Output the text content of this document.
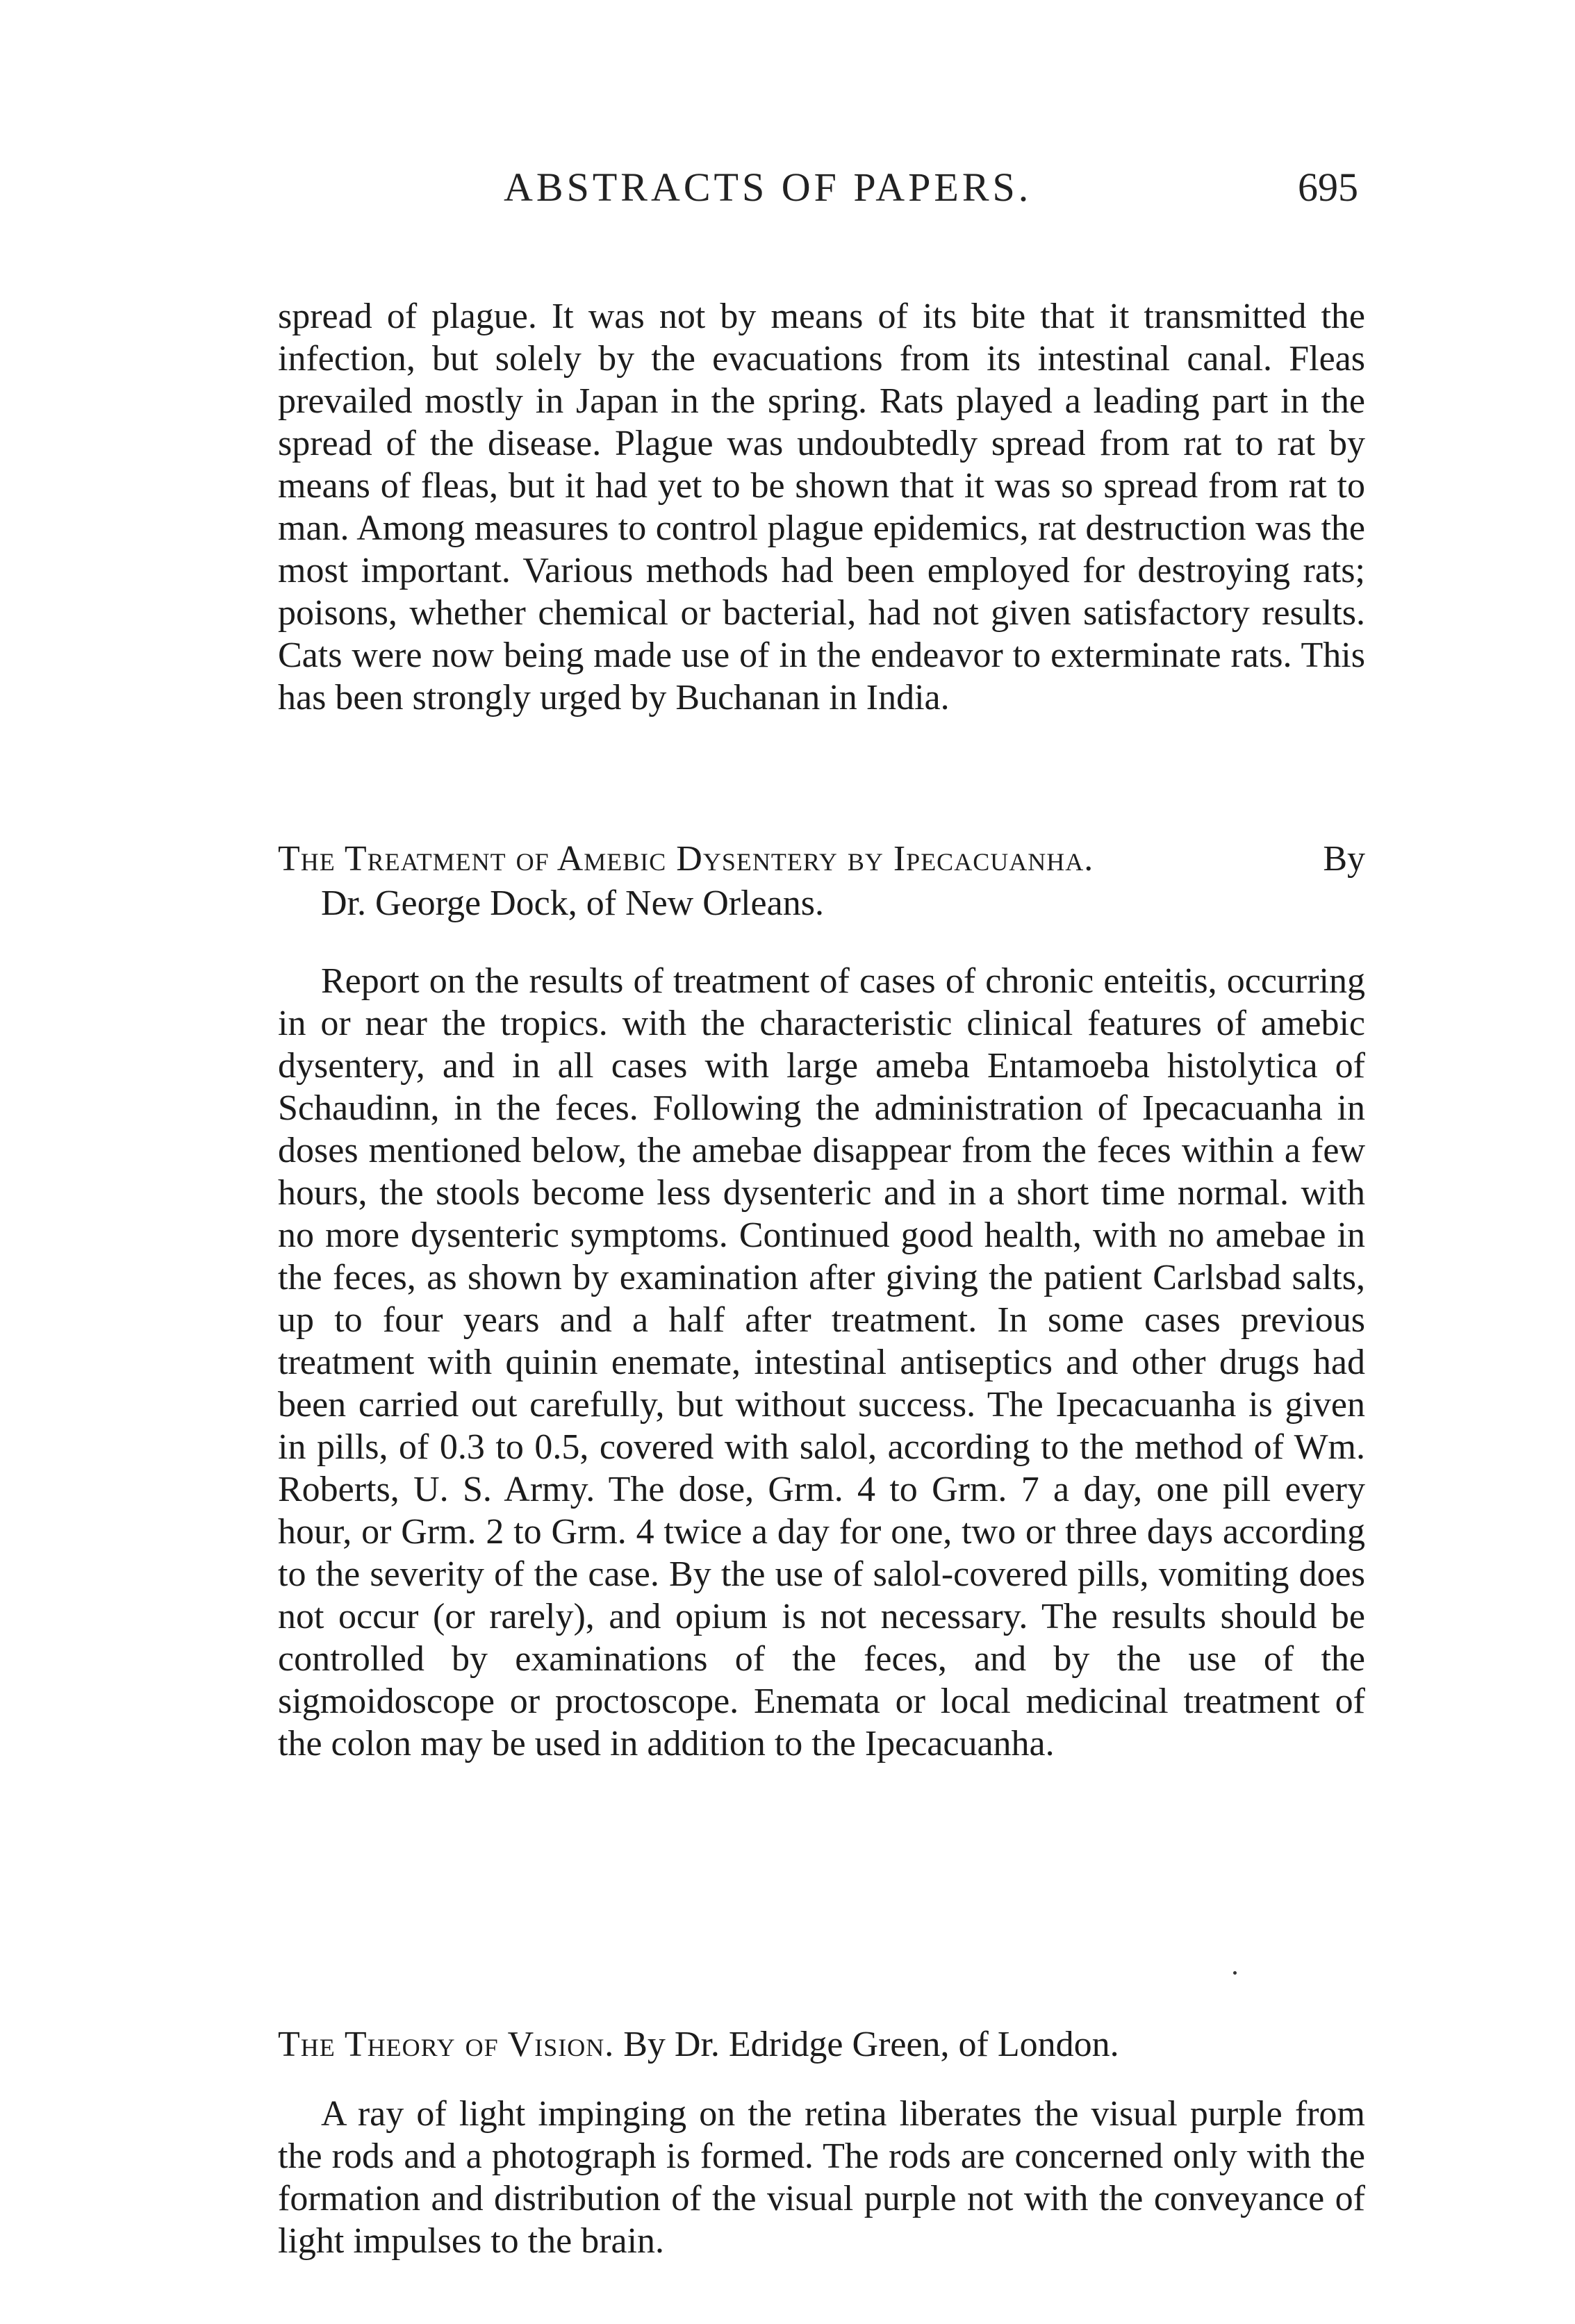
ABSTRACTS OF PAPERS.	695

spread of plague. It was not by means of its bite that it transmitted the infection, but solely by the evacuations from its intestinal canal. Fleas prevailed mostly in Japan in the spring. Rats played a leading part in the spread of the disease. Plague was undoubtedly spread from rat to rat by means of fleas, but it had yet to be shown that it was so spread from rat to man. Among measures to control plague epidemics, rat destruction was the most important. Various methods had been employed for destroying rats; poisons, whether chemical or bacterial, had not given satisfactory results. Cats were now being made use of in the endeavor to exterminate rats. This has been strongly urged by Buchanan in India.

The Treatment of Amebic Dysentery by Ipecacuanha.	By
Dr. George Dock, of New Orleans.

Report on the results of treatment of cases of chronic enteitis, occurring in or near the tropics. with the characteristic clinical features of amebic dysentery, and in all cases with large ameba Entamoeba histolytica of Schaudinn, in the feces. Following the administration of Ipecacuanha in doses mentioned below, the amebae disappear from the feces within a few hours, the stools become less dysenteric and in a short time normal. with no more dysenteric symptoms. Continued good health, with no amebae in the feces, as shown by examination after giving the patient Carlsbad salts, up to four years and a half after treatment. In some cases previous treatment with quinin enemate, intestinal antiseptics and other drugs had been carried out carefully, but without success. The Ipecacuanha is given in pills, of 0.3 to 0.5, covered with salol, according to the method of Wm. Roberts, U. S. Army. The dose, Grm. 4 to Grm. 7 a day, one pill every hour, or Grm. 2 to Grm. 4 twice a day for one, two or three days according to the severity of the case. By the use of salol-covered pills, vomiting does not occur (or rarely), and opium is not necessary. The results should be controlled by examinations of the feces, and by the use of the sigmoidoscope or proctoscope. Enemata or local medicinal treatment of the colon may be used in addition to the Ipecacuanha.

The Theory of Vision. By Dr. Edridge Green, of London.

A ray of light impinging on the retina liberates the visual purple from the rods and a photograph is formed. The rods are concerned only with the formation and distribution of the visual purple not with the conveyance of light impulses to the brain.
